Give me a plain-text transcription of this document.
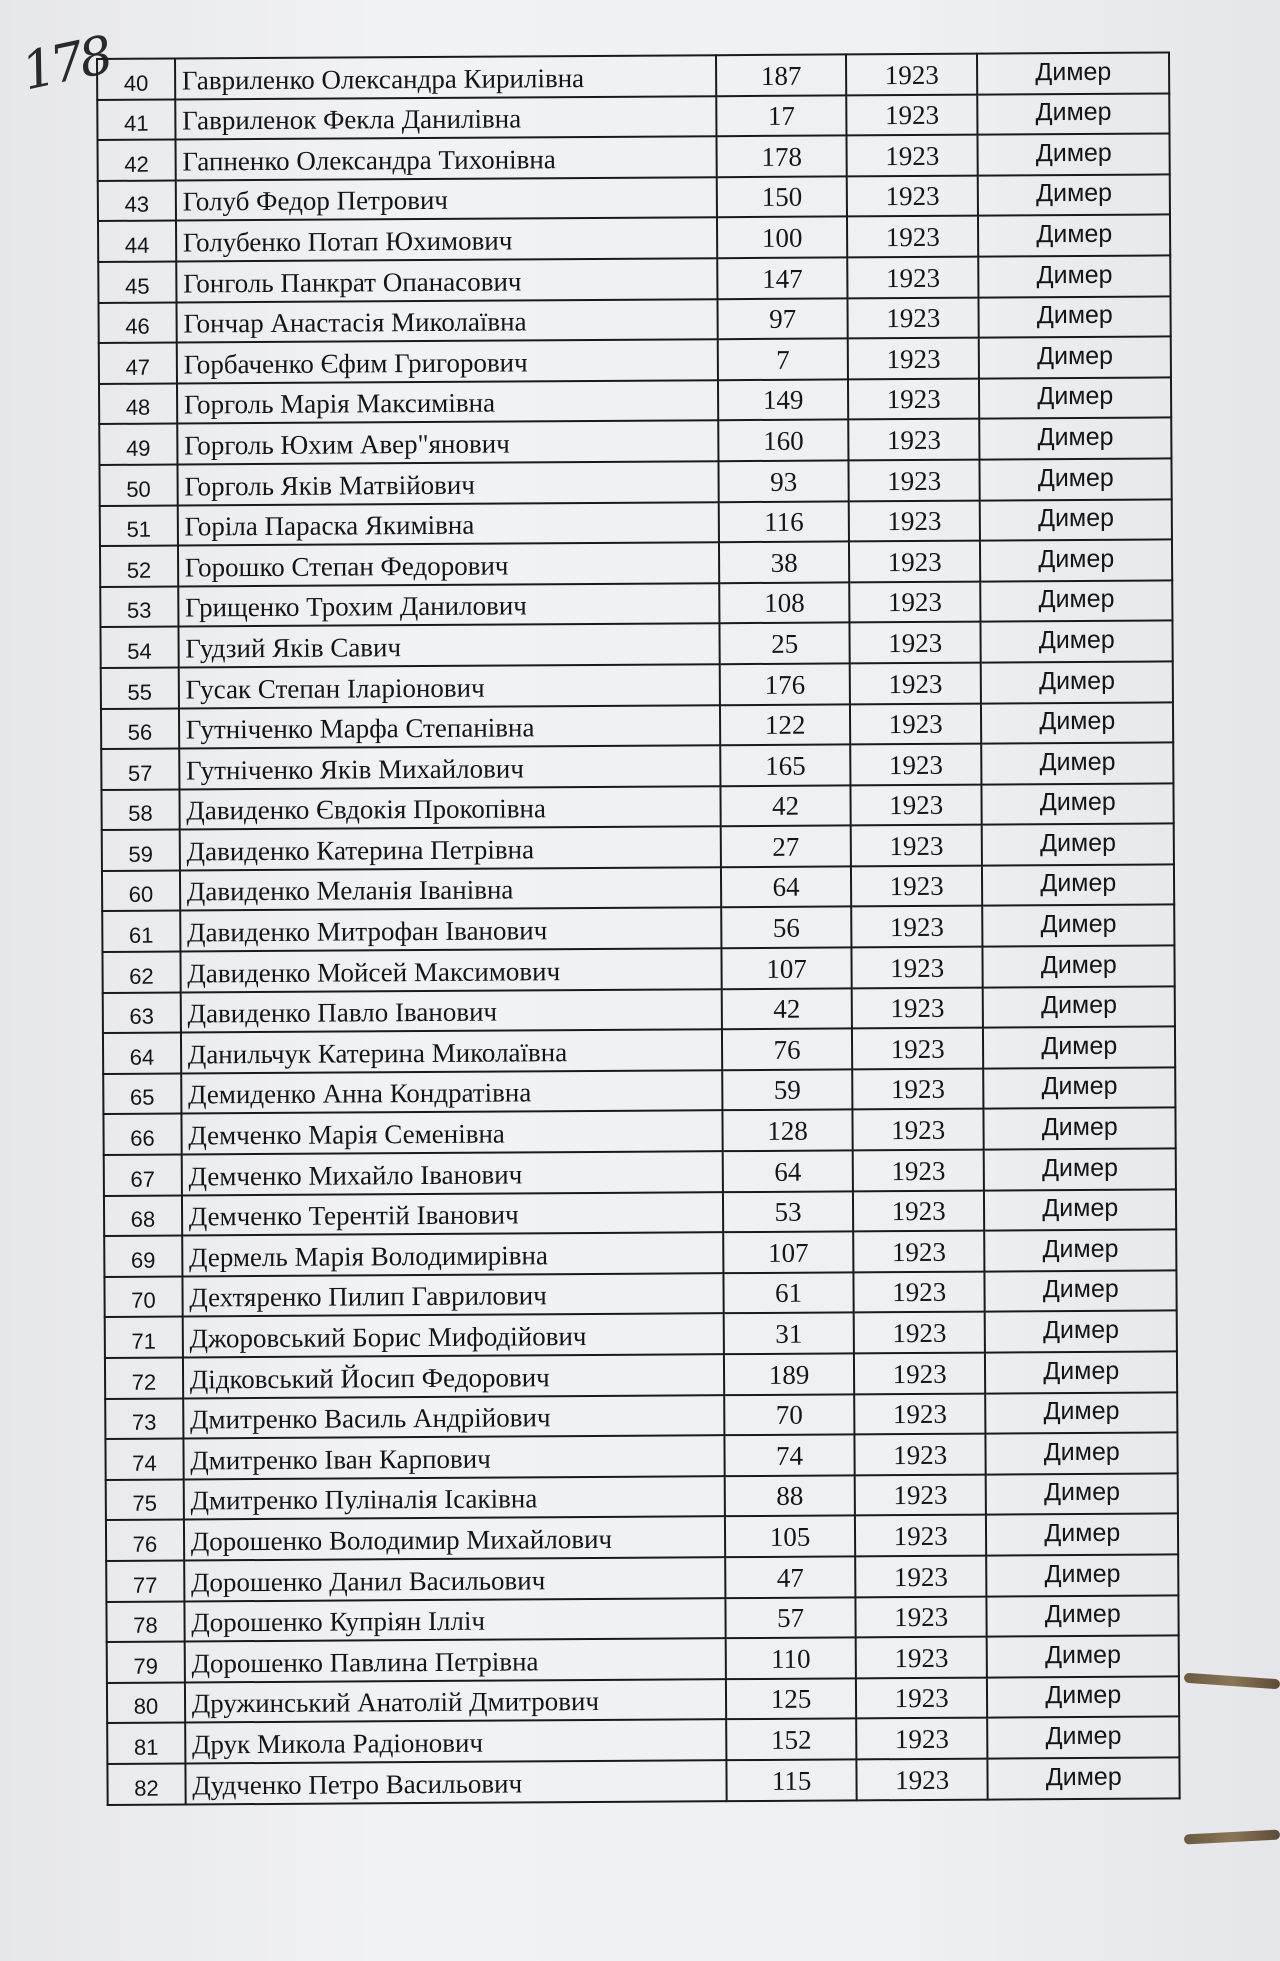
178 40	Гавриленко Олександра Кирилівна	187	1923	Димер
41	Гавриленок Фекла Данилівна	17	1923	Димер
42	Гапненко Олександра Тихонівна	178	1923	Димер
43	Голуб Федор Петрович	150	1923	Димер
44	Голубенко Потап Юхимович	100	1923	Димер
45	Гонголь Панкрат Опанасович	147	1923	Димер
46	Гончар Анастасія Миколаївна	97	1923	Димер
47	Горбаченко Єфим Григорович	7	1923	Димер
48	Горголь Марія Максимівна	149	1923	Димер
49	Горголь Юхим Авер"янович	160	1923	Димер
50	Горголь Яків Матвійович	93	1923	Димер
51	Горіла Параска Якимівна	116	1923	Димер
52	Горошко Степан Федорович	38	1923	Димер
53	Грищенко Трохим Данилович	108	1923	Димер
54	Гудзий Яків Савич	25	1923	Димер
55	Гусак Степан Іларіонович	176	1923	Димер
56	Гутніченко Марфа Степанівна	122	1923	Димер
57	Гутніченко Яків Михайлович	165	1923	Димер
58	Давиденко Євдокія Прокопівна	42	1923	Димер
59	Давиденко Катерина Петрівна	27	1923	Димер
60	Давиденко Меланія Іванівна	64	1923	Димер
61	Давиденко Митрофан Іванович	56	1923	Димер
62	Давиденко Мойсей Максимович	107	1923	Димер
63	Давиденко Павло Іванович	42	1923	Димер
64	Данильчук Катерина Миколаївна	76	1923	Димер
65	Демиденко Анна Кондратівна	59	1923	Димер
66	Демченко Марія Семенівна	128	1923	Димер
67	Демченко Михайло Іванович	64	1923	Димер
68	Демченко Терентій Іванович	53	1923	Димер
69	Дермель Марія Володимирівна	107	1923	Димер
70	Дехтяренко Пилип Гаврилович	61	1923	Димер
71	Джоровський Борис Мифодійович	31	1923	Димер
72	Дідковський Йосип Федорович	189	1923	Димер
73	Дмитренко Василь Андрійович	70	1923	Димер
74	Дмитренко Іван Карпович	74	1923	Димер
75	Дмитренко Пуліналія Ісаківна	88	1923	Димер
76	Дорошенко Володимир Михайлович	105	1923	Димер
77	Дорошенко Данил Васильович	47	1923	Димер
78	Дорошенко Купріян Ілліч	57	1923	Димер
79	Дорошенко Павлина Петрівна	110	1923	Димер
80	Дружинський Анатолій Дмитрович	125	1923	Димер
81	Друк Микола Радіонович	152	1923	Димер
82	Дудченко Петро Васильович	115	1923	Димер
